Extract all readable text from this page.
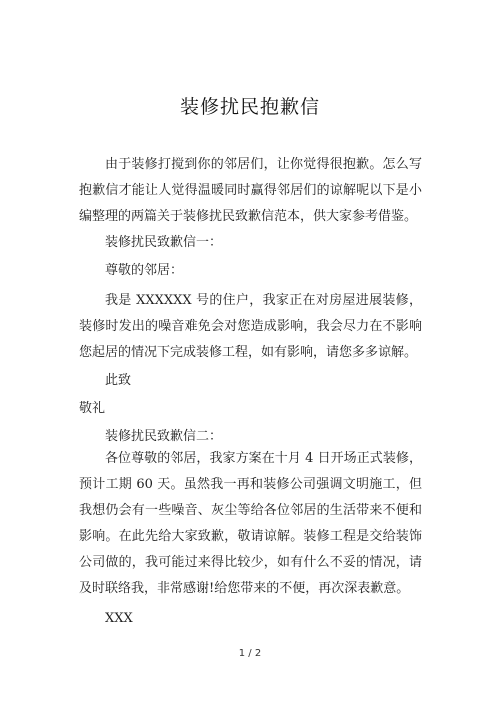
装修扰民抱歉信

由于装修打搅到你的邻居们，让你觉得很抱歉。怎么写抱歉信才能让人觉得温暖同时赢得邻居们的谅解呢以下是小编整理的两篇关于装修扰民致歉信范本，供大家参考借鉴。

装修扰民致歉信一：

尊敬的邻居：

我是 XXXXXX 号的住户，我家正在对房屋进展装修，装修时发出的噪音难免会对您造成影响，我会尽力在不影响您起居的情况下完成装修工程，如有影响，请您多多谅解。

此致

敬礼

装修扰民致歉信二：

各位尊敬的邻居，我家方案在十月 4 日开场正式装修，预计工期 60 天。虽然我一再和装修公司强调文明施工，但我想仍会有一些噪音、灰尘等给各位邻居的生活带来不便和影响。在此先给大家致歉，敬请谅解。装修工程是交给装饰公司做的，我可能过来得比较少，如有什么不妥的情况，请及时联络我，非常感谢!给您带来的不便，再次深表歉意。

XXX

1 / 2
